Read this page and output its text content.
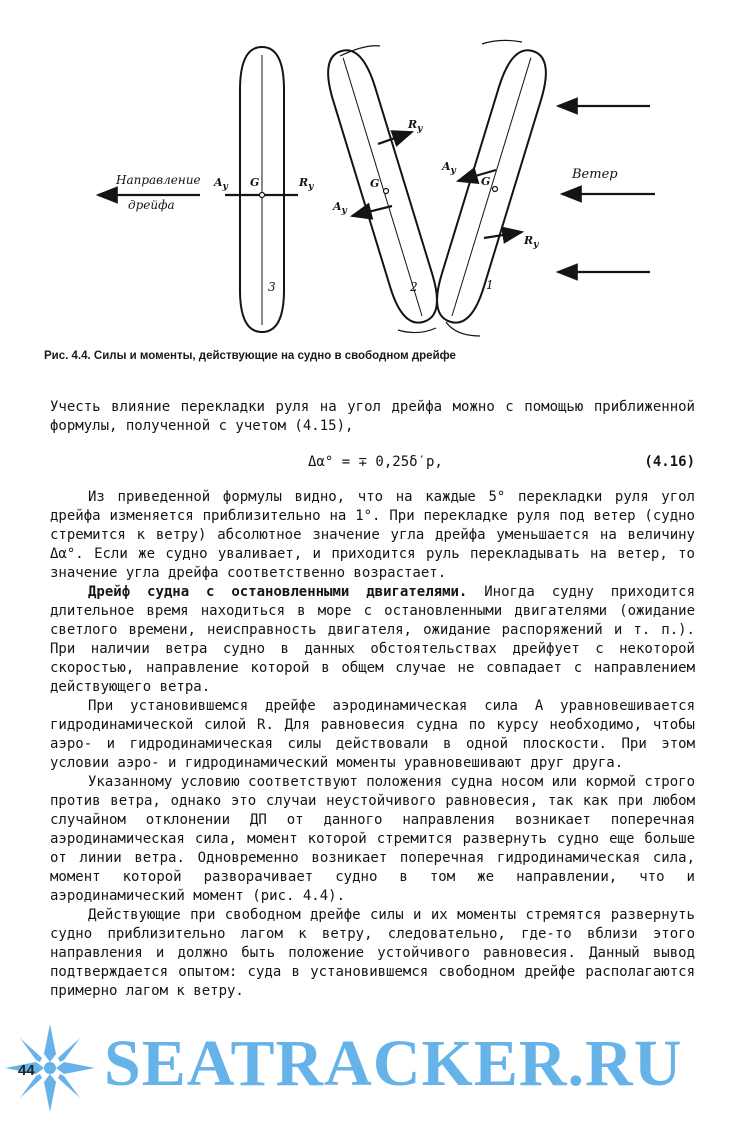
Направление
дрейфа
Ветер
$A_y$ G	$R_y$
3
$R_y$
G
$A_y$
2
$A_y$
G
$R_y$
1
Рис. 4.4. Силы и моменты, действующие на судно в свободном дрейфе

Учесть влияние перекладки руля на угол дрейфа можно с помощью приближенной формулы, полученной с учетом (4.15),

Δα° = ∓ 0,25δ′р,	(4.16)

Из приведенной формулы видно, что на каждые 5° перекладки руля угол дрейфа изменяется приблизительно на 1°. При перекладке руля под ветер (судно стремится к ветру) абсолютное значение угла дрейфа уменьшается на величину Δα°. Если же судно уваливает, и приходится руль перекладывать на ветер, то значение угла дрейфа соответственно возрастает.

Дрейф судна с остановленными двигателями. Иногда судну приходится длительное время находиться в море с остановленными двигателями (ожидание светлого времени, неисправность двигателя, ожидание распоряжений и т. п.). При наличии ветра судно в данных обстоятельствах дрейфует с некоторой скоростью, направление которой в общем случае не совпадает с направлением действующего ветра.

При установившемся дрейфе аэродинамическая сила A уравновешивается гидродинамической силой R. Для равновесия судна по курсу необходимо, чтобы аэро- и гидродинамическая силы действовали в одной плоскости. При этом условии аэро- и гидродинамический моменты уравновешивают друг друга.

Указанному условию соответствуют положения судна носом или кормой строго против ветра, однако это случаи неустойчивого равновесия, так как при любом случайном отклонении ДП от данного направления возникает поперечная аэродинамическая сила, момент которой стремится развернуть судно еще больше от линии ветра. Одновременно возникает поперечная гидродинамическая сила, момент которой разворачивает судно в том же направлении, что и аэродинамический момент (рис. 4.4).

Действующие при свободном дрейфе силы и их моменты стремятся развернуть судно приблизительно лагом к ветру, следовательно, где-то вблизи этого направления и должно быть положение устойчивого равновесия. Данный вывод подтверждается опытом: суда в установившемся свободном дрейфе располагаются примерно лагом к ветру.

44 SEATRACKER.RU
